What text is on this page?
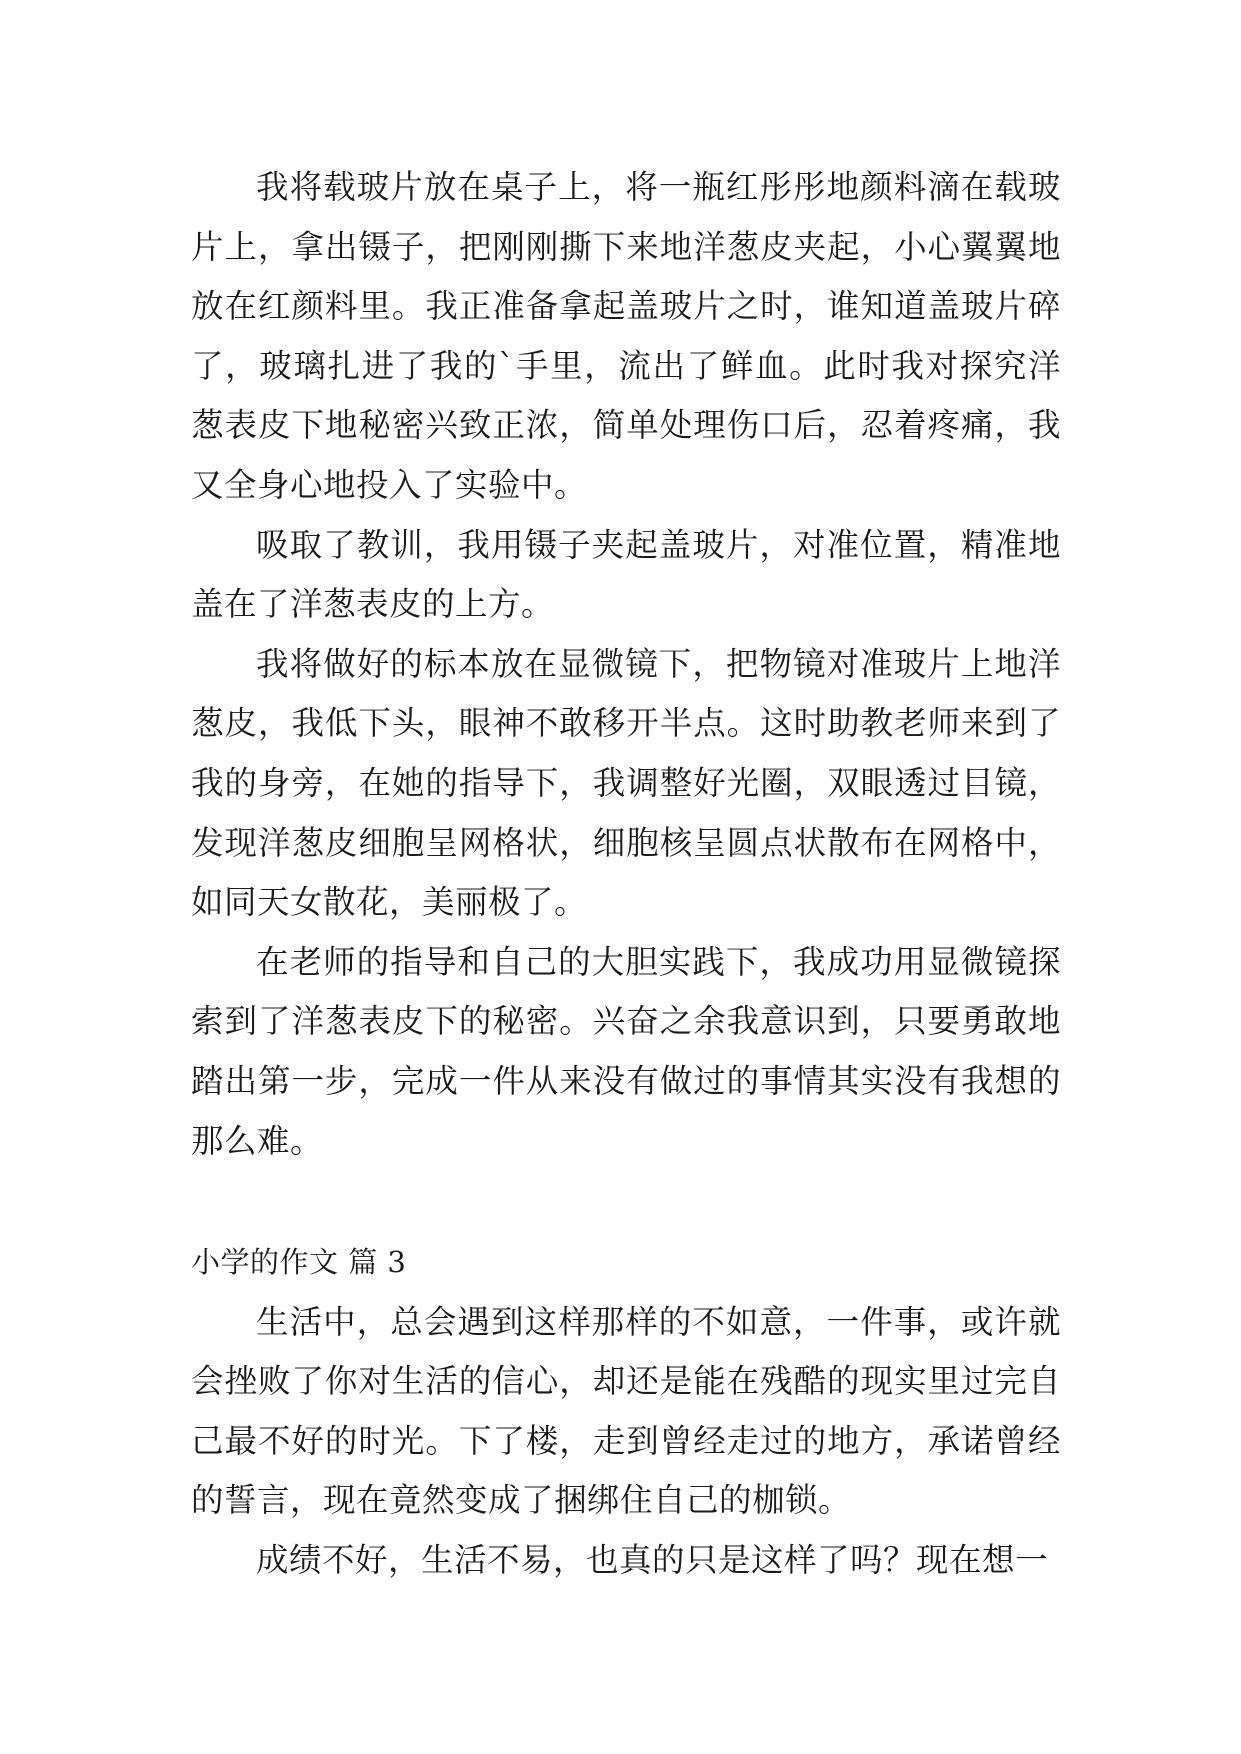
我将载玻片放在桌子上，将一瓶红彤彤地颜料滴在载玻片上，拿出镊子，把刚刚撕下来地洋葱皮夹起，小心翼翼地放在红颜料里。我正准备拿起盖玻片之时，谁知道盖玻片碎了，玻璃扎进了我的`手里，流出了鲜血。此时我对探究洋葱表皮下地秘密兴致正浓，简单处理伤口后，忍着疼痛，我又全身心地投入了实验中。

吸取了教训，我用镊子夹起盖玻片，对准位置，精准地盖在了洋葱表皮的上方。

我将做好的标本放在显微镜下，把物镜对准玻片上地洋葱皮，我低下头，眼神不敢移开半点。这时助教老师来到了我的身旁，在她的指导下，我调整好光圈，双眼透过目镜，发现洋葱皮细胞呈网格状，细胞核呈圆点状散布在网格中，如同天女散花，美丽极了。

在老师的指导和自己的大胆实践下，我成功用显微镜探索到了洋葱表皮下的秘密。兴奋之余我意识到，只要勇敢地踏出第一步，完成一件从来没有做过的事情其实没有我想的那么难。

小学的作文 篇 3

生活中，总会遇到这样那样的不如意，一件事，或许就会挫败了你对生活的信心，却还是能在残酷的现实里过完自己最不好的时光。下了楼，走到曾经走过的地方，承诺曾经的誓言，现在竟然变成了捆绑住自己的枷锁。

成绩不好，生活不易，也真的只是这样了吗？现在想一
